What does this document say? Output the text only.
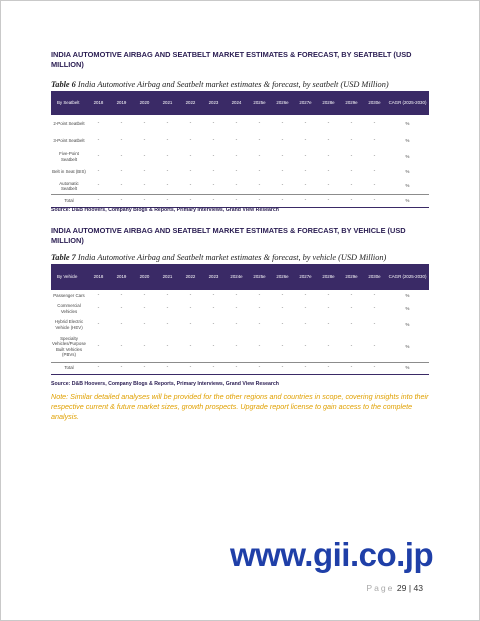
INDIA AUTOMOTIVE AIRBAG AND SEATBELT MARKET ESTIMATES & FORECAST, BY SEATBELT (USD MILLION)
Table 6 India Automotive Airbag and Seatbelt market estimates & forecast, by seatbelt (USD Million)
By Seatbelt	2018	2019	2020	2021	2022	2023	2024	2025e	2026e	2027e	2028e	2029e	2030e	CAGR (2025-2030)
2-Point Seatbelt	-	-	-	-	-	-	-	-	-	-	-	-	-	%
3-Point Seatbelt	-	-	-	-	-	-	-	-	-	-	-	-	-	%
Five-Point Seatbelt	-	-	-	-	-	-	-	-	-	-	-	-	-	%
Belt in Seat (BIS)	-	-	-	-	-	-	-	-	-	-	-	-	-	%
Automatic Seatbelt	-	-	-	-	-	-	-	-	-	-	-	-	-	%
Total	-	-	-	-	-	-	-	-	-	-	-	-	-	%
Source: D&B Hoovers, Company Blogs & Reports, Primary Interviews, Grand View Research
INDIA AUTOMOTIVE AIRBAG AND SEATBELT MARKET ESTIMATES & FORECAST, BY VEHICLE (USD MILLION)
Table 7 India Automotive Airbag and Seatbelt market estimates & forecast, by vehicle (USD Million)
By Vehicle	2018	2019	2020	2021	2022	2023	2024e	2025e	2026e	2027e	2028e	2029e	2030e	CAGR (2025-2030)
Passenger Cars	-	-	-	-	-	-	-	-	-	-	-	-	-	%
Commercial Vehicles	-	-	-	-	-	-	-	-	-	-	-	-	-	%
Hybrid Electric Vehicle (HEV)	-	-	-	-	-	-	-	-	-	-	-	-	-	%
Specialty Vehicles/Purpose Built Vehicles (PBVs)	-	-	-	-	-	-	-	-	-	-	-	-	-	%
Total	-	-	-	-	-	-	-	-	-	-	-	-	-	%
Source: D&B Hoovers, Company Blogs & Reports, Primary Interviews, Grand View Research
Note: Similar detailed analyses will be provided for the other regions and countries in scope, covering insights into their respective current & future market sizes, growth prospects. Upgrade report license to gain access to the complete analysis.
www.gii.co.jp
Page 29 | 43
